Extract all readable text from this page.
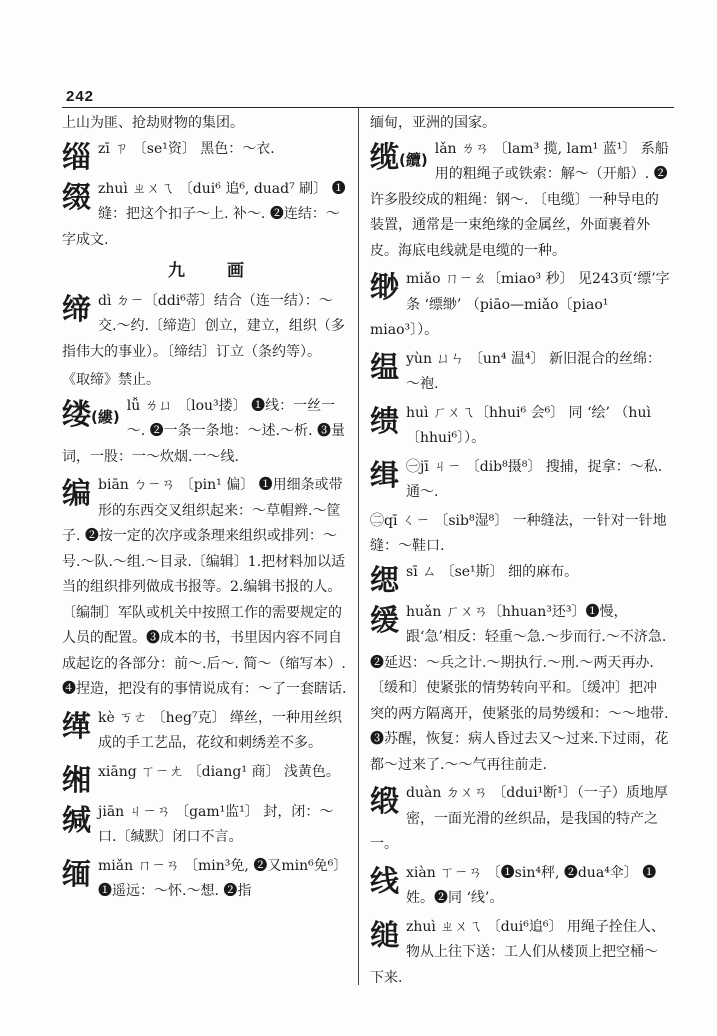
242
上山为匪、抢劫财物的集团。
缁 zī ㄗ 〔se¹资〕 黑色：～衣.
缀 zhuì ㄓㄨㄟ 〔dui⁶ 追⁶, duad⁷ 刷〕 ❶缝：把这个扣子～上. 补～. ❷连结：～字成文.
九 画
缔 dì ㄉㄧ〔ddi⁶蒂〕结合（连一结）：～交.～约.〔缔造〕创立，建立，组织（多指伟大的事业）。〔缔结〕订立（条约等）。
《取缔》禁止。
缕(縷)
lǚ ㄌㄩ 〔lou³搂〕 ❶线：一丝一～. ❷一条一条地：～述.～析. ❸量词，一股：一～炊烟.一～线.
编 biān ㄅㄧㄢ 〔pin¹ 偏〕 ❶用细条或带形的东西交叉组织起来：～草帽辫.～筐子. ❷按一定的次序或条理来组织或排列：～号.～队.～组.～目录.〔编辑〕1.把材料加以适当的组织排列做成书报等。2.编辑书报的人。〔编制〕军队或机关中按照工作的需要规定的人员的配置。❸成本的书，书里因内容不同自成起讫的各部分：前～.后～. 简～（缩写本）. ❹捏造，把没有的事情说成有：～了一套瞎话.
缂 kè ㄎㄜ 〔heg⁷克〕 缂丝，一种用丝织成的手工艺品，花纹和刺绣差不多。
缃 xiāng ㄒㄧㄤ 〔diang¹ 商〕 浅黄色。
缄 jiān ㄐㄧㄢ 〔gam¹监¹〕 封，闭：～口.〔缄默〕闭口不言。
缅 miǎn ㄇㄧㄢ 〔min³免, ❷又min⁶免⁶〕 ❶遥远：～怀.～想. ❷指
缅甸，亚洲的国家。
缆(纜)
lǎn ㄌㄢ 〔lam³ 揽, lam¹ 蓝¹〕 系船用的粗绳子或铁索：解～（开船）. ❷许多股绞成的粗绳：钢～. 〔电缆〕一种导电的装置，通常是一束绝缘的金属丝，外面裹着外皮。海底电线就是电缆的一种。
缈 miǎo ㄇㄧㄠ〔miao³ 秒〕 见243页‘缥’字条 ‘缥缈’ （piāo—miǎo〔piao¹ miao³〕）。
缊 yùn ㄩㄣ 〔un⁴ 温⁴〕 新旧混合的丝绵：～袍.
缋 huì ㄏㄨㄟ〔hhui⁶ 会⁶〕 同 ‘绘’ （huì〔hhui⁶〕）。
缉 ㊀jī ㄐㄧ 〔dib⁸摄⁸〕 搜捕，捉拿：～私.通～.
㊁qī ㄑㄧ 〔sib⁸湿⁸〕 一种缝法，一针对一针地缝：～鞋口.
缌 sī ㄙ 〔se¹斯〕 细的麻布。
缓 huǎn ㄏㄨㄢ〔hhuan³还³〕❶慢，跟‘急’相反：轻重～急.～步而行.～不济急. ❷延迟：～兵之计.～期执行.～刑.～两天再办.〔缓和〕使紧张的情势转向平和。〔缓冲〕把冲突的两方隔离开，使紧张的局势缓和：～～地带. ❸苏醒，恢复：病人昏过去又～过来.下过雨，花都～过来了.～～气再往前走.
缎 duàn ㄉㄨㄢ 〔ddui¹断¹〕（一子）质地厚密，一面光滑的丝织品，是我国的特产之一。
线 xiàn ㄒㄧㄢ 〔❶sin⁴秤, ❷dua⁴伞〕 ❶姓。❷同 ‘线’。
缒 zhuì ㄓㄨㄟ 〔dui⁶追⁶〕 用绳子拴住人、物从上往下送：工人们从楼顶上把空桶～下来.
